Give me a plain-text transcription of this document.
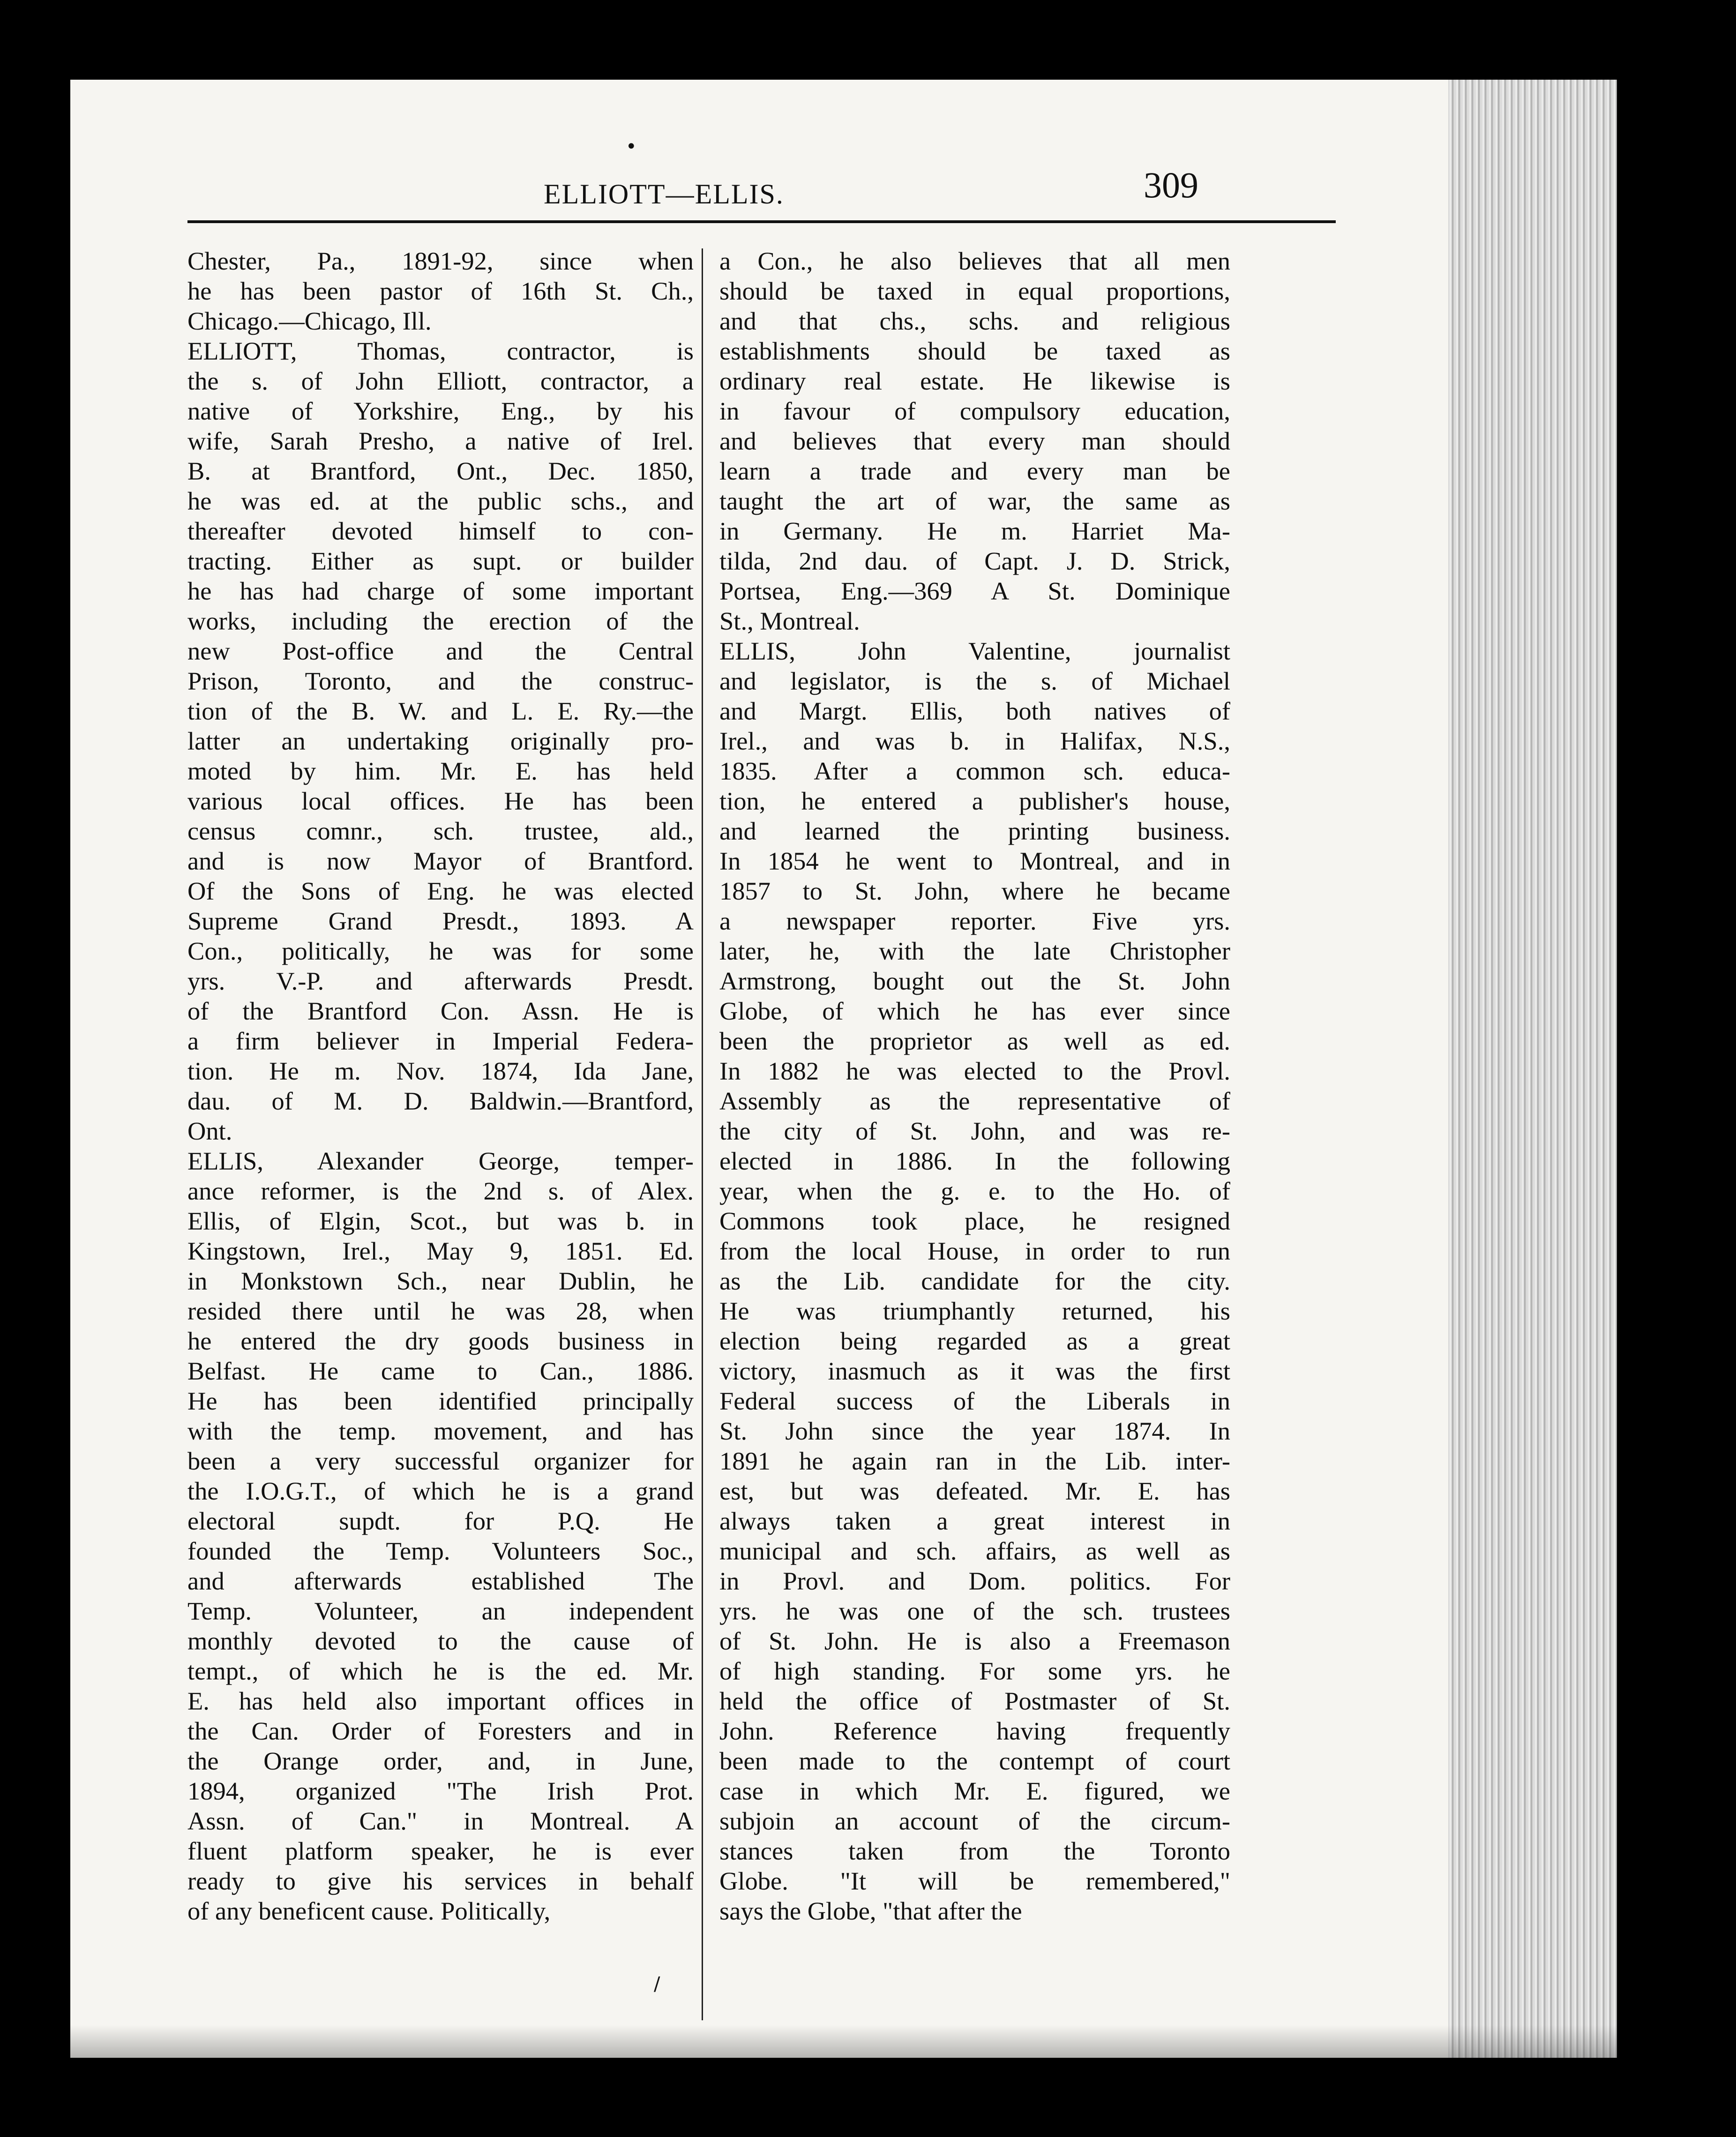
ELLIOTT—ELLIS.	309
Chester, Pa., 1891-92, since when
he has been pastor of 16th St. Ch.,
Chicago.—Chicago, Ill.
ELLIOTT, Thomas, contractor, is
the s. of John Elliott, contractor, a
native of Yorkshire, Eng., by his
wife, Sarah Presho, a native of Irel.
B. at Brantford, Ont., Dec. 1850,
he was ed. at the public schs., and
thereafter devoted himself to con-
tracting. Either as supt. or builder
he has had charge of some important
works, including the erection of the
new Post-office and the Central
Prison, Toronto, and the construc-
tion of the B. W. and L. E. Ry.—the
latter an undertaking originally pro-
moted by him. Mr. E. has held
various local offices. He has been
census comnr., sch. trustee, ald.,
and is now Mayor of Brantford.
Of the Sons of Eng. he was elected
Supreme Grand Presdt., 1893. A
Con., politically, he was for some
yrs. V.-P. and afterwards Presdt.
of the Brantford Con. Assn. He is
a firm believer in Imperial Federa-
tion. He m. Nov. 1874, Ida Jane,
dau. of M. D. Baldwin.—Brantford,
Ont.
ELLIS, Alexander George, temper-
ance reformer, is the 2nd s. of Alex.
Ellis, of Elgin, Scot., but was b. in
Kingstown, Irel., May 9, 1851. Ed.
in Monkstown Sch., near Dublin, he
resided there until he was 28, when
he entered the dry goods business in
Belfast. He came to Can., 1886.
He has been identified principally
with the temp. movement, and has
been a very successful organizer for
the I.O.G.T., of which he is a grand
electoral supdt. for P.Q. He
founded the Temp. Volunteers Soc.,
and afterwards established The
Temp. Volunteer, an independent
monthly devoted to the cause of
tempt., of which he is the ed. Mr.
E. has held also important offices in
the Can. Order of Foresters and in
the Orange order, and, in June,
1894, organized "The Irish Prot.
Assn. of Can." in Montreal. A
fluent platform speaker, he is ever
ready to give his services in behalf
of any beneficent cause. Politically,
a Con., he also believes that all men
should be taxed in equal proportions,
and that chs., schs. and religious
establishments should be taxed as
ordinary real estate. He likewise is
in favour of compulsory education,
and believes that every man should
learn a trade and every man be
taught the art of war, the same as
in Germany. He m. Harriet Ma-
tilda, 2nd dau. of Capt. J. D. Strick,
Portsea, Eng.—369 A St. Dominique
St., Montreal.
ELLIS, John Valentine, journalist
and legislator, is the s. of Michael
and Margt. Ellis, both natives of
Irel., and was b. in Halifax, N.S.,
1835. After a common sch. educa-
tion, he entered a publisher's house,
and learned the printing business.
In 1854 he went to Montreal, and in
1857 to St. John, where he became
a newspaper reporter. Five yrs.
later, he, with the late Christopher
Armstrong, bought out the St. John
Globe, of which he has ever since
been the proprietor as well as ed.
In 1882 he was elected to the Provl.
Assembly as the representative of
the city of St. John, and was re-
elected in 1886. In the following
year, when the g. e. to the Ho. of
Commons took place, he resigned
from the local House, in order to run
as the Lib. candidate for the city.
He was triumphantly returned, his
election being regarded as a great
victory, inasmuch as it was the first
Federal success of the Liberals in
St. John since the year 1874. In
1891 he again ran in the Lib. inter-
est, but was defeated. Mr. E. has
always taken a great interest in
municipal and sch. affairs, as well as
in Provl. and Dom. politics. For
yrs. he was one of the sch. trustees
of St. John. He is also a Freemason
of high standing. For some yrs. he
held the office of Postmaster of St.
John. Reference having frequently
been made to the contempt of court
case in which Mr. E. figured, we
subjoin an account of the circum-
stances taken from the Toronto
Globe. "It will be remembered,"
says the Globe, "that after the
/
•
